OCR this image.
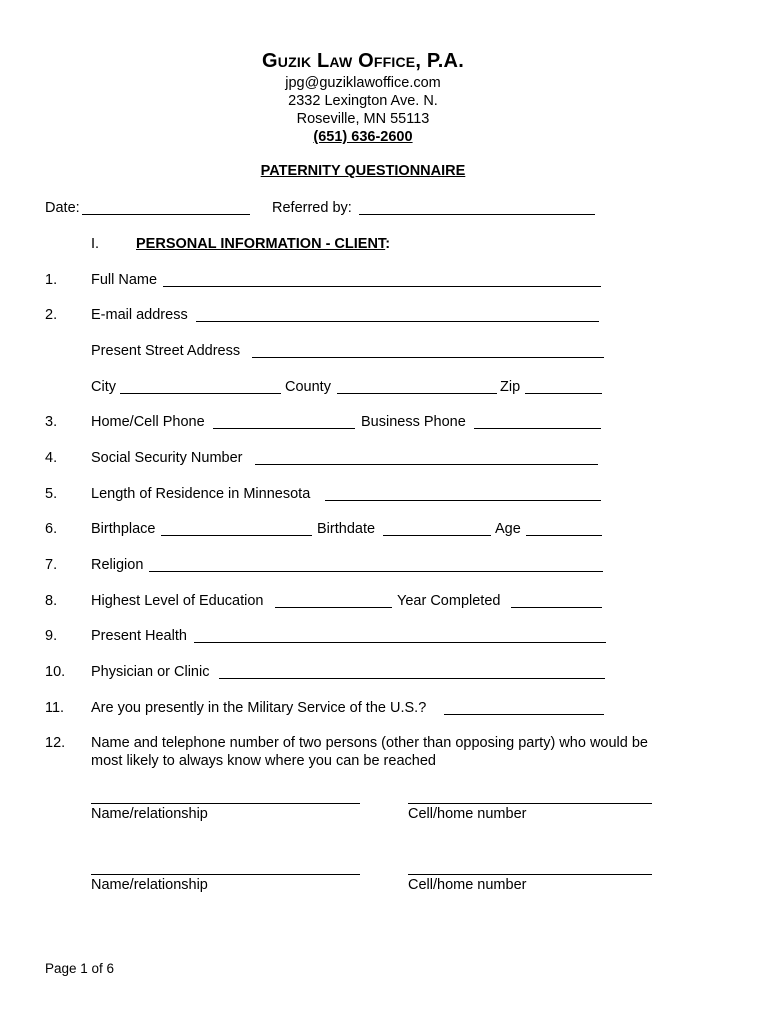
Guzik Law Office, P.A.
jpg@guziklawoffice.com
2332 Lexington Ave. N.
Roseville, MN 55113
(651) 636-2600
PATERNITY QUESTIONNAIRE
Date:	Referred by:
I.	PERSONAL INFORMATION - CLIENT:
1. Full Name
2. E-mail address
Present Street Address
City	County	Zip
3. Home/Cell Phone	Business Phone
4. Social Security Number
5. Length of Residence in Minnesota
6. Birthplace	Birthdate	Age
7. Religion
8. Highest Level of Education	Year Completed
9. Present Health
10. Physician or Clinic
11. Are you presently in the Military Service of the U.S.?
12. Name and telephone number of two persons (other than opposing party) who would be
most likely to always know where you can be reached
Name/relationship	Cell/home number
Name/relationship	Cell/home number
Page 1 of 6
